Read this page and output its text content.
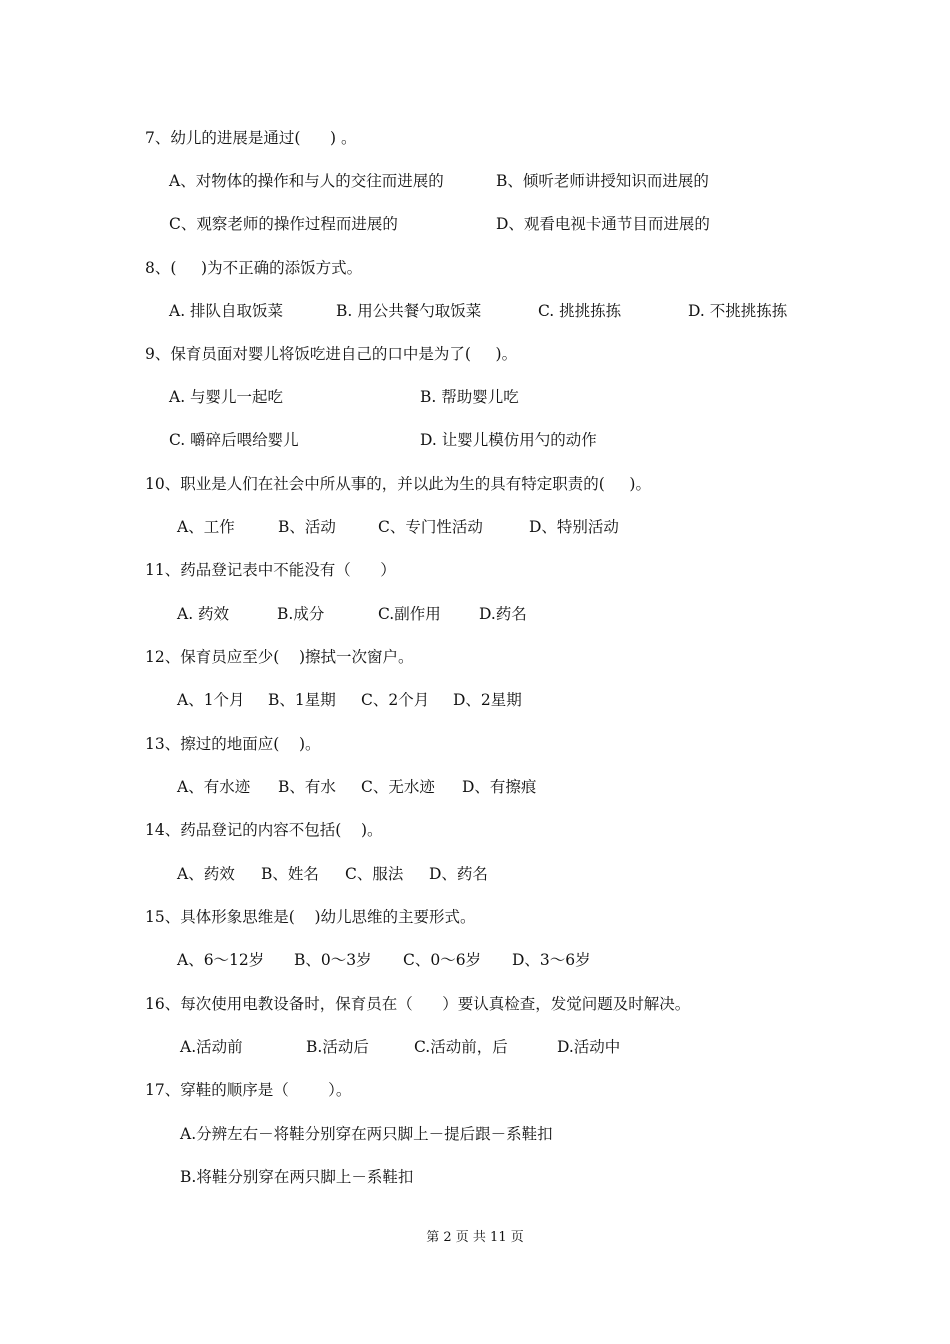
7、幼儿的进展是通过(      ) 。
A、对物体的操作和与人的交往而进展的	B、倾听老师讲授知识而进展的
C、观察老师的操作过程而进展的	D、观看电视卡通节目而进展的
8、(     )为不正确的添饭方式。
A. 排队自取饭菜	B. 用公共餐勺取饭菜	C. 挑挑拣拣	D. 不挑挑拣拣
9、保育员面对婴儿将饭吃进自己的口中是为了(     )。
A. 与婴儿一起吃	B. 帮助婴儿吃
C. 嚼碎后喂给婴儿	D. 让婴儿模仿用勺的动作
10、职业是人们在社会中所从事的，并以此为生的具有特定职责的(     )。
A、工作	B、活动	C、专门性活动	D、特别活动
11、药品登记表中不能没有（      ）
A. 药效	B.成分	C.副作用 D.药名
12、保育员应至少(    )擦拭一次窗户。
A、1个月 B、1星期 C、2个月 D、2星期
13、擦过的地面应(    )。
A、有水迹 B、有水 C、无水迹 D、有擦痕
14、药品登记的内容不包括(    )。
A、药效 B、姓名 C、服法 D、药名
15、具体形象思维是(    )幼儿思维的主要形式。
A、6～12岁 B、0～3岁 C、0～6岁 D、3～6岁
16、每次使用电教设备时，保育员在（      ）要认真检查，发觉问题及时解决。
A.活动前	B.活动后	C.活动前，后	D.活动中
17、穿鞋的顺序是（        ）。
A.分辨左右－将鞋分别穿在两只脚上－提后跟－系鞋扣
B.将鞋分别穿在两只脚上－系鞋扣
第 2 页 共 11 页
